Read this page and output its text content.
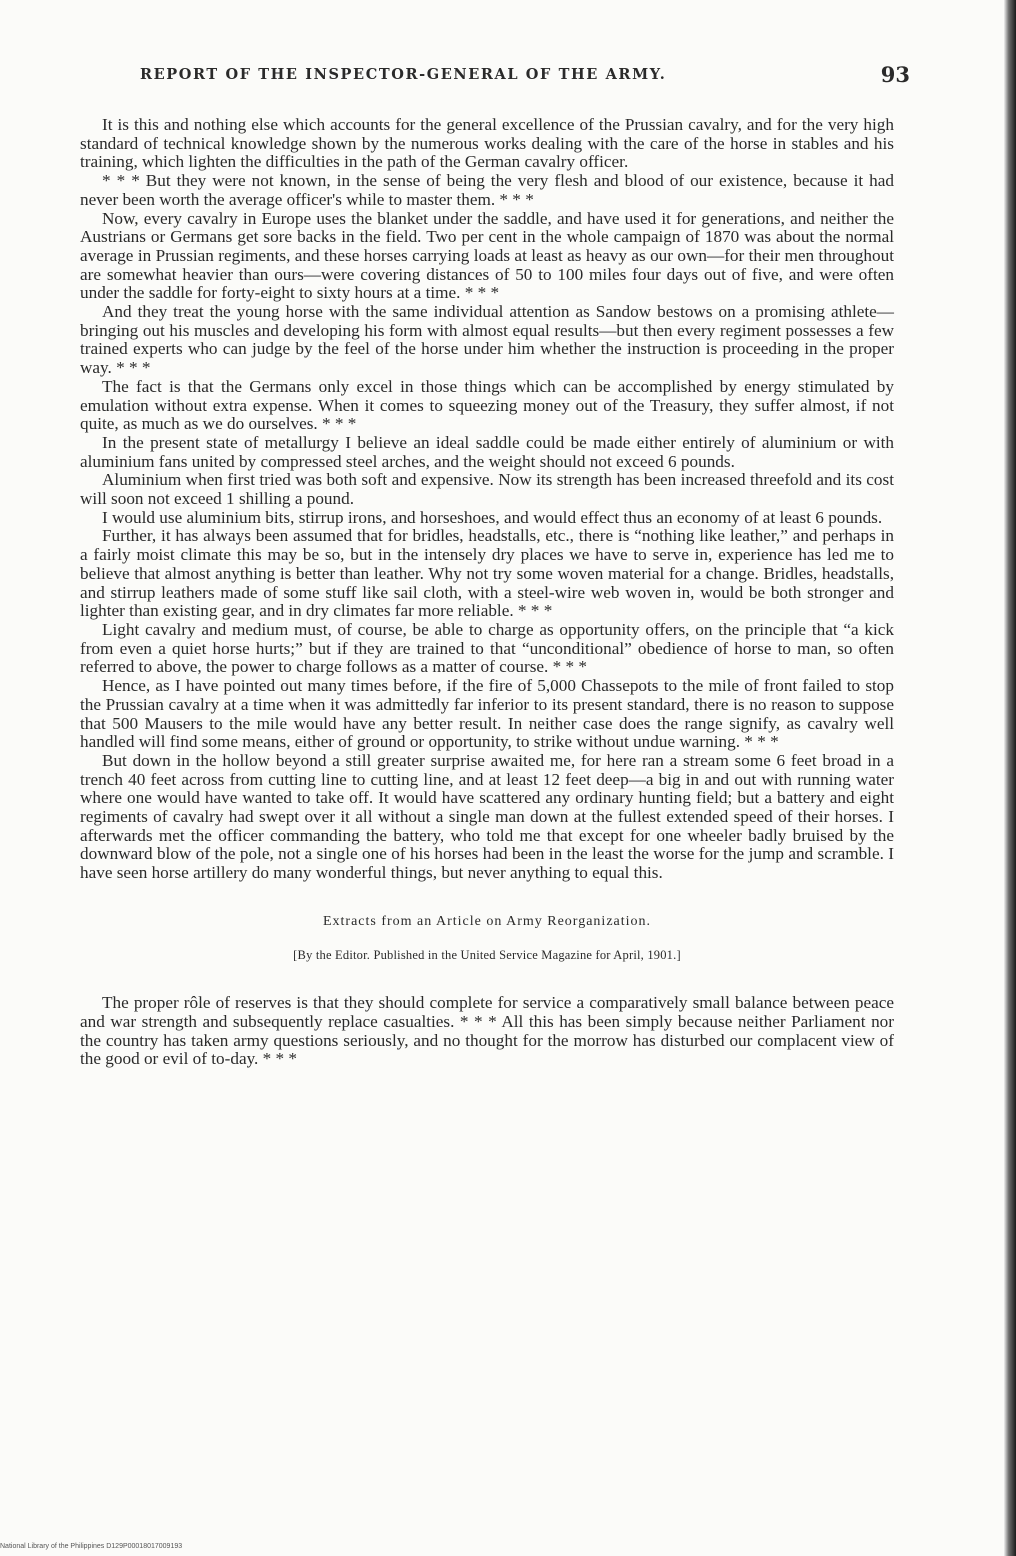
REPORT OF THE INSPECTOR-GENERAL OF THE ARMY.	93

It is this and nothing else which accounts for the general excellence of the Prussian cavalry, and for the very high standard of technical knowledge shown by the numerous works dealing with the care of the horse in stables and his training, which lighten the difficulties in the path of the German cavalry officer.

* * * But they were not known, in the sense of being the very flesh and blood of our existence, because it had never been worth the average officer's while to master them. * * *

Now, every cavalry in Europe uses the blanket under the saddle, and have used it for generations, and neither the Austrians or Germans get sore backs in the field. Two per cent in the whole campaign of 1870 was about the normal average in Prussian regiments, and these horses carrying loads at least as heavy as our own—for their men throughout are somewhat heavier than ours—were covering distances of 50 to 100 miles four days out of five, and were often under the saddle for forty-eight to sixty hours at a time. * * *

And they treat the young horse with the same individual attention as Sandow bestows on a promising athlete—bringing out his muscles and developing his form with almost equal results—but then every regiment possesses a few trained experts who can judge by the feel of the horse under him whether the instruction is proceeding in the proper way. * * *

The fact is that the Germans only excel in those things which can be accomplished by energy stimulated by emulation without extra expense. When it comes to squeezing money out of the Treasury, they suffer almost, if not quite, as much as we do ourselves. * * *

In the present state of metallurgy I believe an ideal saddle could be made either entirely of aluminium or with aluminium fans united by compressed steel arches, and the weight should not exceed 6 pounds.

Aluminium when first tried was both soft and expensive. Now its strength has been increased threefold and its cost will soon not exceed 1 shilling a pound.

I would use aluminium bits, stirrup irons, and horseshoes, and would effect thus an economy of at least 6 pounds.

Further, it has always been assumed that for bridles, headstalls, etc., there is “nothing like leather,” and perhaps in a fairly moist climate this may be so, but in the intensely dry places we have to serve in, experience has led me to believe that almost anything is better than leather. Why not try some woven material for a change. Bridles, headstalls, and stirrup leathers made of some stuff like sail cloth, with a steel-wire web woven in, would be both stronger and lighter than existing gear, and in dry climates far more reliable. * * *

Light cavalry and medium must, of course, be able to charge as opportunity offers, on the principle that “a kick from even a quiet horse hurts;” but if they are trained to that “unconditional” obedience of horse to man, so often referred to above, the power to charge follows as a matter of course. * * *

Hence, as I have pointed out many times before, if the fire of 5,000 Chassepots to the mile of front failed to stop the Prussian cavalry at a time when it was admittedly far inferior to its present standard, there is no reason to suppose that 500 Mausers to the mile would have any better result. In neither case does the range signify, as cavalry well handled will find some means, either of ground or opportunity, to strike without undue warning. * * *

But down in the hollow beyond a still greater surprise awaited me, for here ran a stream some 6 feet broad in a trench 40 feet across from cutting line to cutting line, and at least 12 feet deep—a big in and out with running water where one would have wanted to take off. It would have scattered any ordinary hunting field; but a battery and eight regiments of cavalry had swept over it all without a single man down at the fullest extended speed of their horses. I afterwards met the officer commanding the battery, who told me that except for one wheeler badly bruised by the downward blow of the pole, not a single one of his horses had been in the least the worse for the jump and scramble. I have seen horse artillery do many wonderful things, but never anything to equal this.

Extracts from an Article on Army Reorganization.

[By the Editor. Published in the United Service Magazine for April, 1901.]

The proper rôle of reserves is that they should complete for service a comparatively small balance between peace and war strength and subsequently replace casualties. * * * All this has been simply because neither Parliament nor the country has taken army questions seriously, and no thought for the morrow has disturbed our complacent view of the good or evil of to-day. * * *

National Library of the Philippines D129P00018017009193
